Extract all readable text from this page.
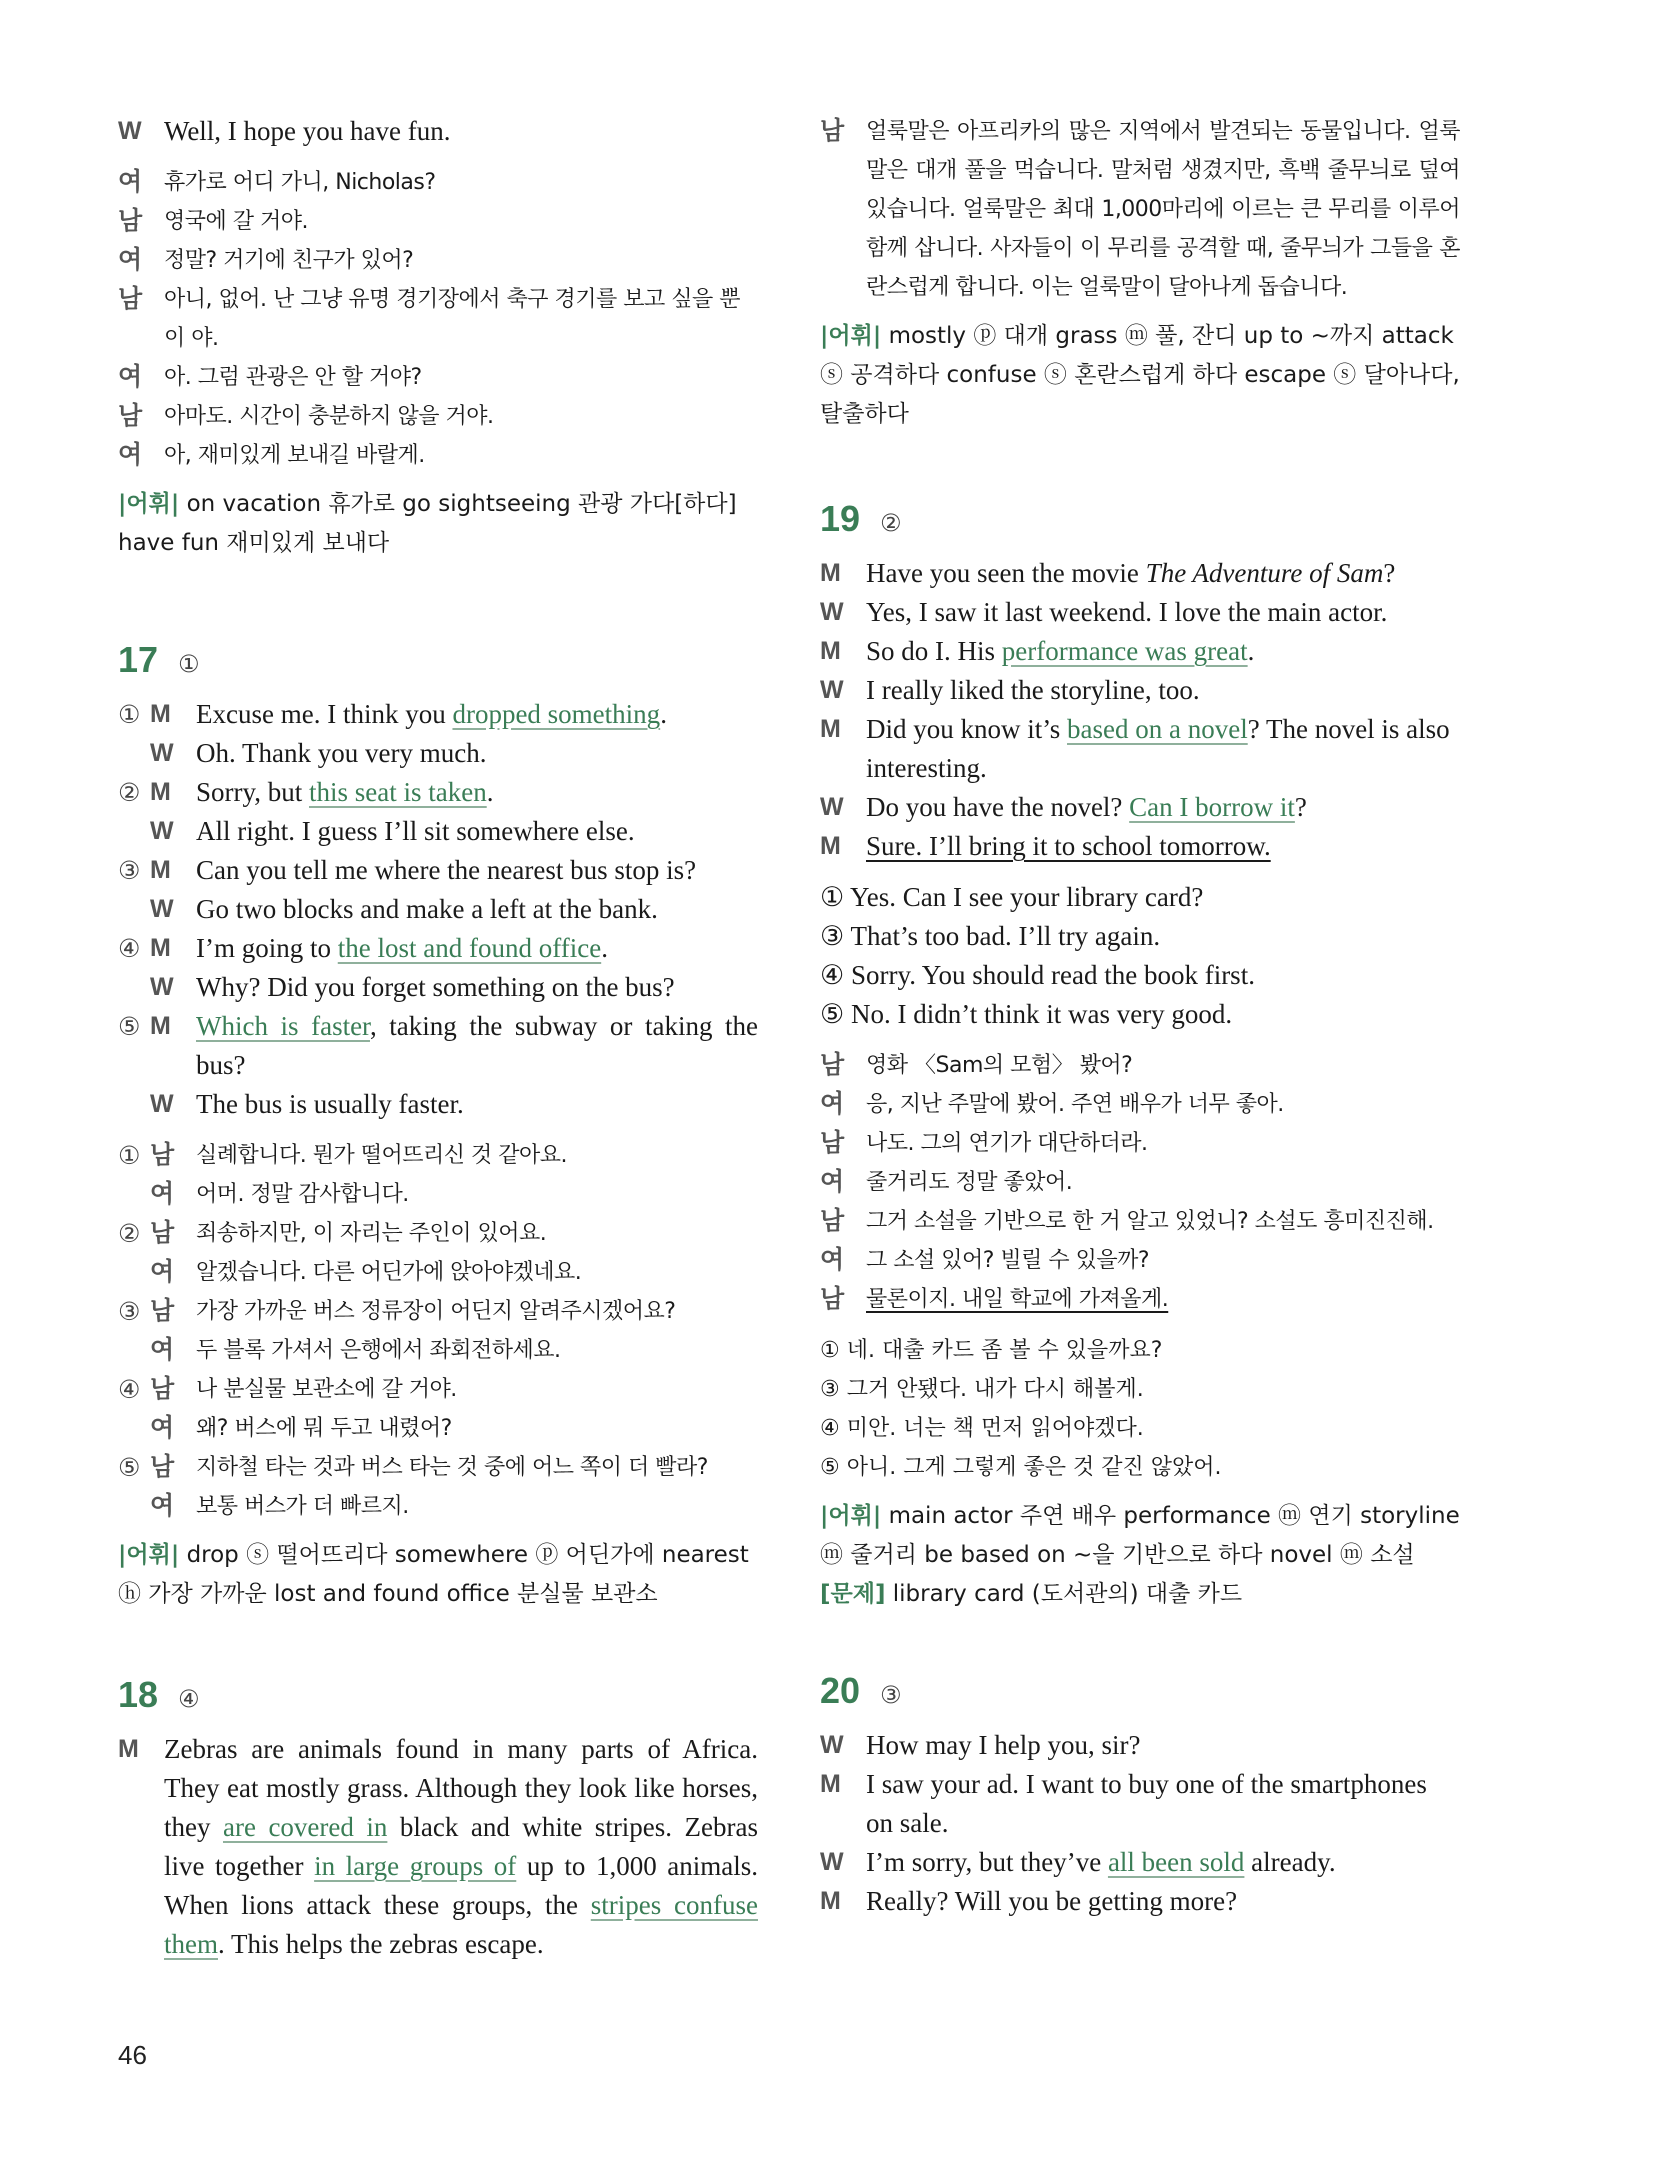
W Well, I hope you have fun.
여	휴가로 어디 가니, Nicholas?
남	영국에 갈 거야.
여	정말? 거기에 친구가 있어?
남	아니, 없어. 난 그냥 유명 경기장에서 축구 경기를 보고 싶을 뿐이 야.
여	아. 그럼 관광은 안 할 거야?
남	아마도. 시간이 충분하지 않을 거야.
여	아, 재미있게 보내길 바랄게.
|어휘| on vacation 휴가로 go sightseeing 관광 가다[하다] have fun 재미있게 보내다
17 ①
① M Excuse me. I think you dropped something.
W Oh. Thank you very much.
② M Sorry, but this seat is taken.
W All right. I guess I’ll sit somewhere else.
③ M Can you tell me where the nearest bus stop is?
W Go two blocks and make a left at the bank.
④ M I’m going to the lost and found office.
W Why? Did you forget something on the bus?
⑤ M Which is faster, taking the subway or taking the bus?
W The bus is usually faster.
① 남 실례합니다. 뭔가 떨어뜨리신 것 같아요.
여 어머. 정말 감사합니다.
② 남 죄송하지만, 이 자리는 주인이 있어요.
여 알겠습니다. 다른 어딘가에 앉아야겠네요.
③ 남 가장 가까운 버스 정류장이 어딘지 알려주시겠어요?
여 두 블록 가셔서 은행에서 좌회전하세요.
④ 남 나 분실물 보관소에 갈 거야.
여 왜? 버스에 뭐 두고 내렸어?
⑤ 남 지하철 타는 것과 버스 타는 것 중에 어느 쪽이 더 빨라?
여 보통 버스가 더 빠르지.
|어휘| drop ⓢ 떨어뜨리다 somewhere ⓟ 어딘가에 nearest ⓗ 가장 가까운 lost and found office 분실물 보관소
18 ④
M Zebras are animals found in many parts of Africa. They eat mostly grass. Although they look like horses, they are covered in black and white stripes. Zebras live together in large groups of up to 1,000 animals. When lions attack these groups, the stripes confuse them. This helps the zebras escape.
남	얼룩말은 아프리카의 많은 지역에서 발견되는 동물입니다. 얼룩말은 대개 풀을 먹습니다. 말처럼 생겼지만, 흑백 줄무늬로 덮여 있습니다. 얼룩말은 최대 1,000마리에 이르는 큰 무리를 이루어 함께 삽니다. 사자들이 이 무리를 공격할 때, 줄무늬가 그들을 혼란스럽게 합니다. 이는 얼룩말이 달아나게 돕습니다.
|어휘| mostly ⓟ 대개 grass ⓜ 풀, 잔디 up to ~까지 attack ⓢ 공격하다 confuse ⓢ 혼란스럽게 하다 escape ⓢ 달아나다, 탈출하다
19 ②
M Have you seen the movie The Adventure of Sam?
W Yes, I saw it last weekend. I love the main actor.
M So do I. His performance was great.
W I really liked the storyline, too.
M Did you know it’s based on a novel? The novel is also interesting.
W Do you have the novel? Can I borrow it?
M Sure. I’ll bring it to school tomorrow.
① Yes. Can I see your library card?
③ That’s too bad. I’ll try again.
④ Sorry. You should read the book first.
⑤ No. I didn’t think it was very good.
남	영화 〈Sam의 모험〉 봤어?
여	응, 지난 주말에 봤어. 주연 배우가 너무 좋아.
남	나도. 그의 연기가 대단하더라.
여	줄거리도 정말 좋았어.
남	그거 소설을 기반으로 한 거 알고 있었니? 소설도 흥미진진해.
여	그 소설 있어? 빌릴 수 있을까?
남	물론이지. 내일 학교에 가져올게.
① 네. 대출 카드 좀 볼 수 있을까요?
③ 그거 안됐다. 내가 다시 해볼게.
④ 미안. 너는 책 먼저 읽어야겠다.
⑤ 아니. 그게 그렇게 좋은 것 같진 않았어.
|어휘| main actor 주연 배우 performance ⓜ 연기 storyline ⓜ 줄거리 be based on ~을 기반으로 하다 novel ⓜ 소설
[문제] library card (도서관의) 대출 카드
20 ③
W How may I help you, sir?
M I saw your ad. I want to buy one of the smartphones on sale.
W I’m sorry, but they’ve all been sold already.
M Really? Will you be getting more?
46
